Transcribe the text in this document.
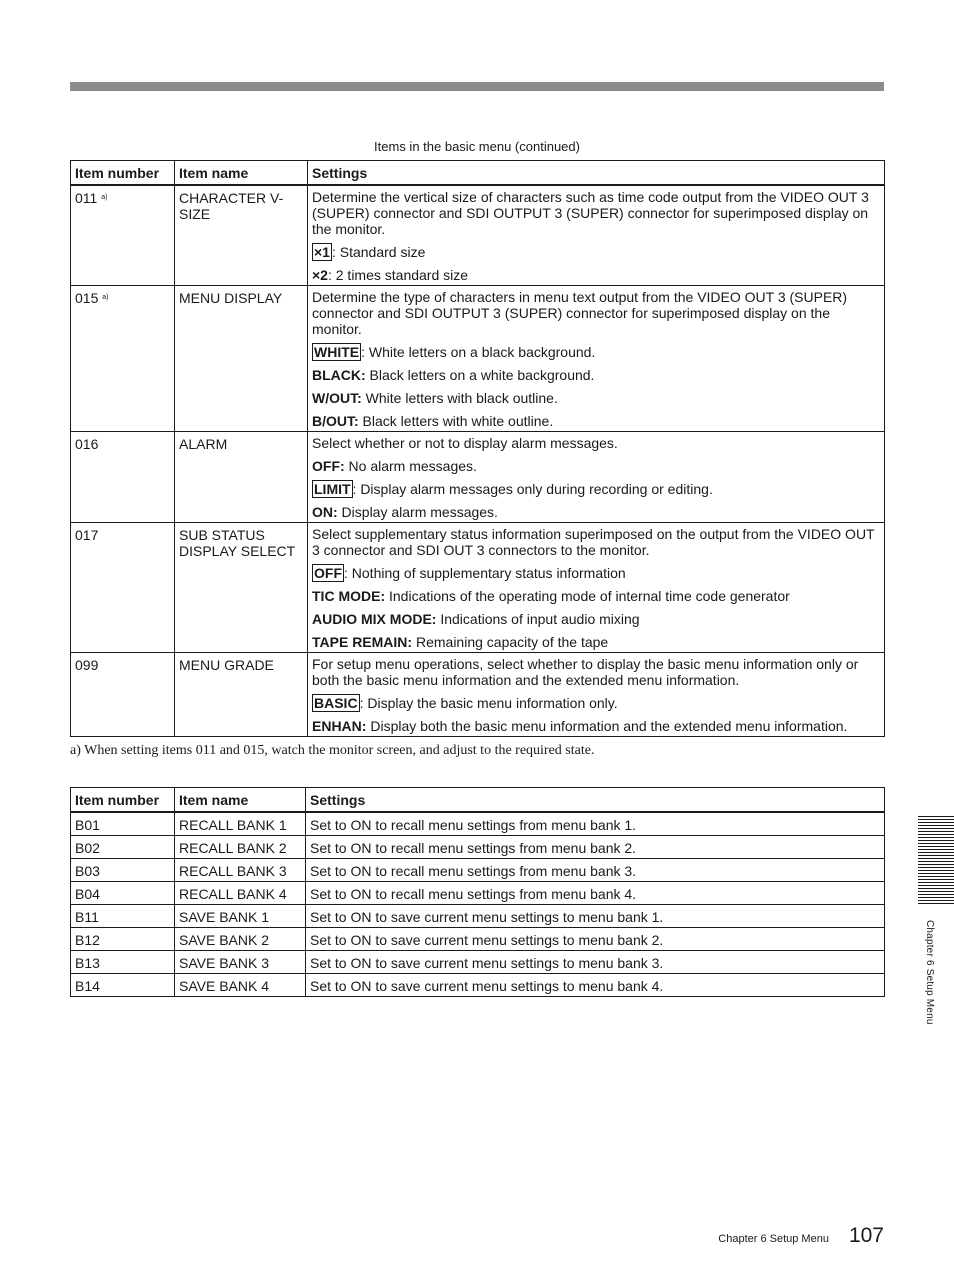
Items in the basic menu (continued)
Item number	Item name	Settings
011 $^{a)}$	CHARACTER V-SIZE	Determine the vertical size of characters such as time code output from the VIDEO OUT 3 (SUPER) connector and SDI OUTPUT 3 (SUPER) connector for superimposed display on the monitor.
×1 : Standard size
×2: 2 times standard size

015 $^{a)}$	MENU DISPLAY	Determine the type of characters in menu text output from the VIDEO OUT 3 (SUPER) connector and SDI OUTPUT 3 (SUPER) connector for superimposed display on the monitor.
WHITE : White letters on a black background.
BLACK: Black letters on a white background.
W/OUT: White letters with black outline.
B/OUT: Black letters with white outline.

016	ALARM	Select whether or not to display alarm messages.
OFF: No alarm messages.
LIMIT : Display alarm messages only during recording or editing.
ON: Display alarm messages.

017	SUB STATUS DISPLAY SELECT	Select supplementary status information superimposed on the output from the VIDEO OUT 3 connector and SDI OUT 3 connectors to the monitor.
OFF : Nothing of supplementary status information
TIC MODE: Indications of the operating mode of internal time code generator
AUDIO MIX MODE: Indications of input audio mixing
TAPE REMAIN: Remaining capacity of the tape

099	MENU GRADE	For setup menu operations, select whether to display the basic menu information only or both the basic menu information and the extended menu information.
BASIC : Display the basic menu information only.
ENHAN: Display both the basic menu information and the extended menu information.
a) When setting items 011 and 015, watch the monitor screen, and adjust to the required state.
Item number	Item name	Settings
B01	RECALL BANK 1	Set to ON to recall menu settings from menu bank 1.
B02	RECALL BANK 2	Set to ON to recall menu settings from menu bank 2.
B03	RECALL BANK 3	Set to ON to recall menu settings from menu bank 3.
B04	RECALL BANK 4	Set to ON to recall menu settings from menu bank 4.
B11	SAVE BANK 1	Set to ON to save current menu settings to menu bank 1.
B12	SAVE BANK 2	Set to ON to save current menu settings to menu bank 2.
B13	SAVE BANK 3	Set to ON to save current menu settings to menu bank 3.
B14	SAVE BANK 4	Set to ON to save current menu settings to menu bank 4.	Chapter 6 Setup Menu
Chapter 6 Setup Menu 107
